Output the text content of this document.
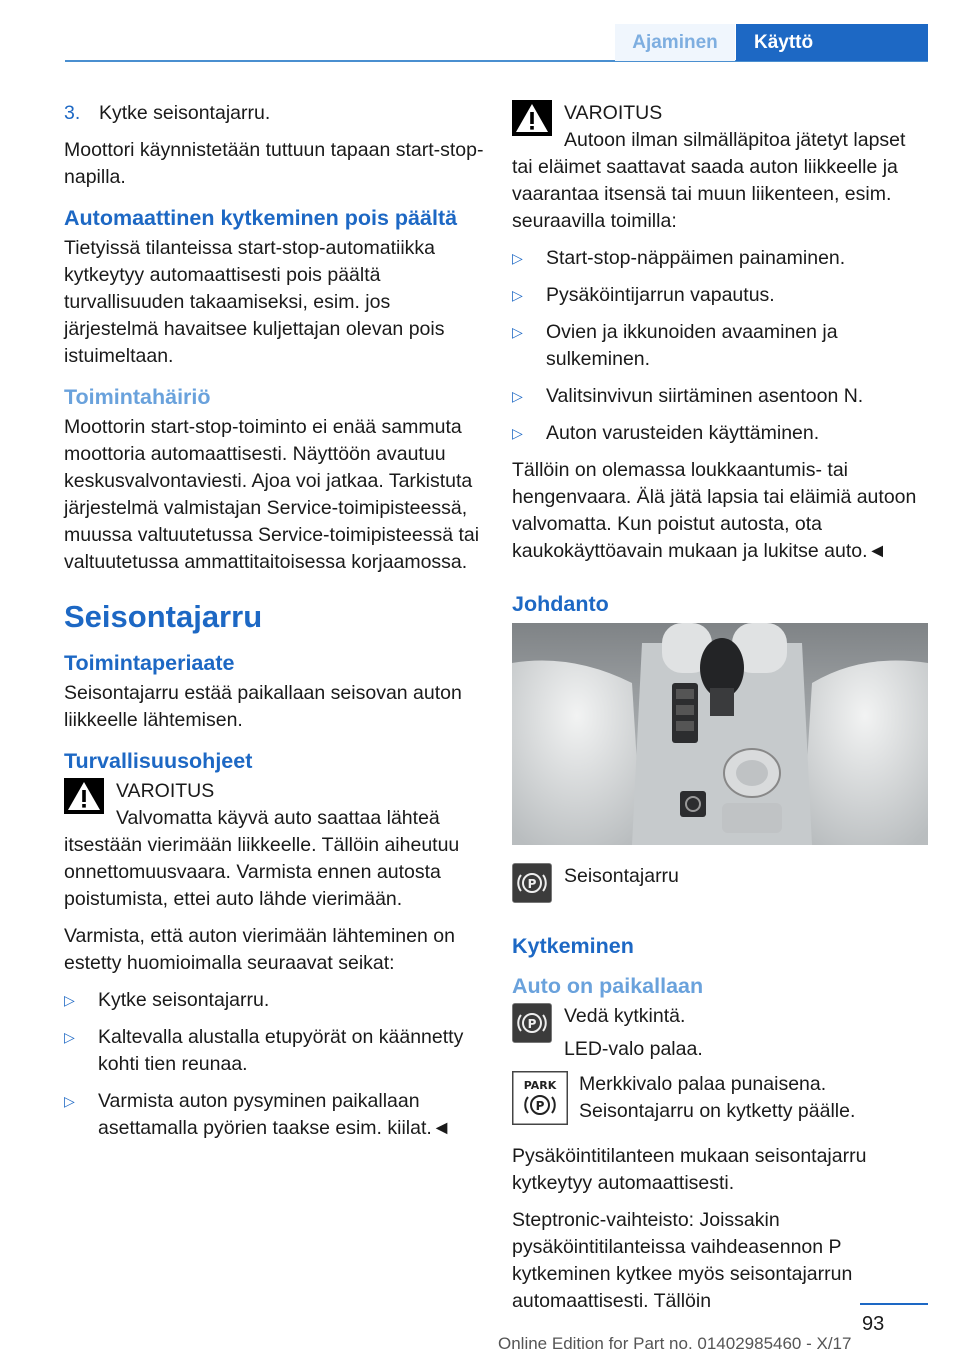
Ajaminen	Käyttö
3. Kytke seisontajarru.

Moottori käynnistetään tuttuun tapaan start-stop-napilla.

Automaattinen kytkeminen pois päältä

Tietyissä tilanteissa start-stop-automatiikka kytkeytyy automaattisesti pois päältä turvallisuuden takaamiseksi, esim. jos järjestelmä havaitsee kuljettajan olevan pois istuimeltaan.

Toimintahäiriö

Moottorin start-stop-toiminto ei enää sammuta moottoria automaattisesti. Näyttöön avautuu keskusvalvontaviesti. Ajoa voi jatkaa. Tarkistuta järjestelmä valmistajan Service-toimipisteessä, muussa valtuutetussa Service-toimipisteessä tai valtuutetussa ammattitaitoisessa korjaamossa.

Seisontajarru
Toimintaperiaate

Seisontajarru estää paikallaan seisovan auton liikkeelle lähtemisen.

Turvallisuusohjeet
VAROITUS
Valvomatta käyvä auto saattaa lähteä itsestään vierimään liikkeelle. Tällöin aiheutuu onnettomuusvaara. Varmista ennen autosta poistumista, ettei auto lähde vierimään.

Varmista, että auton vierimään lähteminen on estetty huomioimalla seuraavat seikat:

▷ Kytke seisontajarru.
▷ Kaltevalla alustalla etupyörät on käännetty kohti tien reunaa.
▷ Varmista auton pysyminen paikallaan asettamalla pyörien taakse esim. kiilat.◄
VAROITUS
Autoon ilman silmälläpitoa jätetyt lapset tai eläimet saattavat saada auton liikkeelle ja vaarantaa itsensä tai muun liikenteen, esim. seuraavilla toimilla:
▷ Start-stop-näppäimen painaminen.
▷ Pysäköintijarrun vapautus.
▷ Ovien ja ikkunoiden avaaminen ja sulkeminen.
▷ Valitsinvivun siirtäminen asentoon N.
▷ Auton varusteiden käyttäminen.

Tällöin on olemassa loukkaantumis- tai hengenvaara. Älä jätä lapsia tai eläimiä autoon valvomatta. Kun poistut autosta, ota kaukokäyttöavain mukaan ja lukitse auto.◄

Johdanto
P Seisontajarru
Kytkeminen
Auto on paikallaan
P Vedä kytkintä.
LED-valo palaa.
PARK
P
Merkkivalo palaa punaisena. Seisontajarru on kytketty päälle.

Pysäköintitilanteen mukaan seisontajarru kytkeytyy automaattisesti.

Steptronic-vaihteisto: Joissakin pysäköintitilanteissa vaihdeasennon P kytkeminen kytkee myös seisontajarrun automaattisesti. Tällöin

93
Online Edition for Part no. 01402985460 - X/17
